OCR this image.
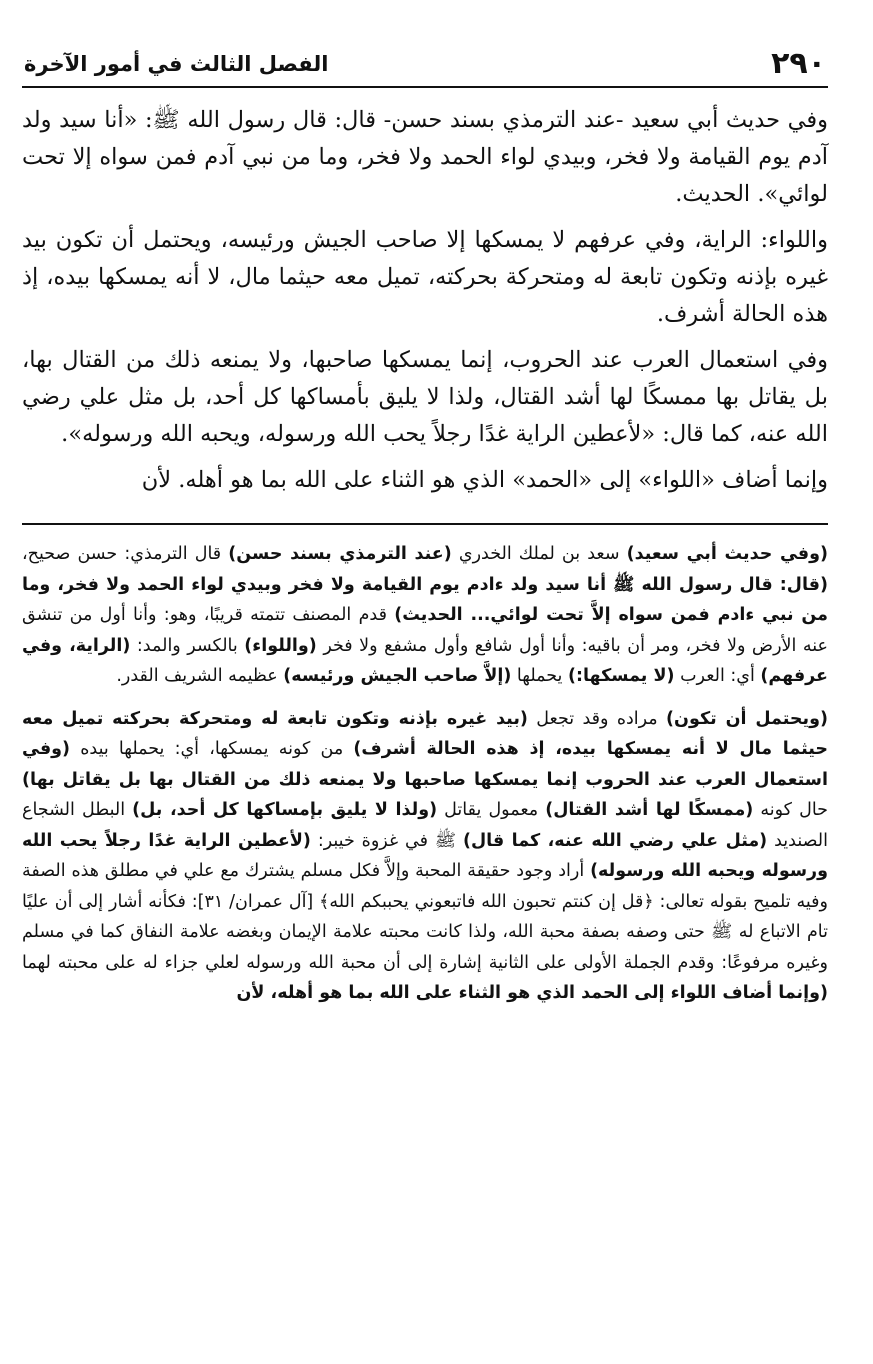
٢٩٠
الفصل الثالث في أمور الآخرة

وفي حديث أبي سعيد -عند الترمذي بسند حسن- قال: قال رسول الله ﷺ: «أنا سيد ولد آدم يوم القيامة ولا فخر، وبيدي لواء الحمد ولا فخر، وما من نبي آدم فمن سواه إلا تحت لوائي». الحديث.

واللواء: الراية، وفي عرفهم لا يمسكها إلا صاحب الجيش ورئيسه، ويحتمل أن تكون بيد غيره بإذنه وتكون تابعة له ومتحركة بحركته، تميل معه حيثما مال، لا أنه يمسكها بيده، إذ هذه الحالة أشرف.

وفي استعمال العرب عند الحروب، إنما يمسكها صاحبها، ولا يمنعه ذلك من القتال بها، بل يقاتل بها ممسكًا لها أشد القتال، ولذا لا يليق بأمساكها كل أحد، بل مثل علي رضي الله عنه، كما قال: «لأعطين الراية غدًا رجلاً يحب الله ورسوله، ويحبه الله ورسوله».

وإنما أضاف «اللواء» إلى «الحمد» الذي هو الثناء على الله بما هو أهله. لأن

(وفي حديث أبي سعيد) سعد بن لملك الخدري (عند الترمذي بسند حسن) قال الترمذي: حسن صحيح، (قال: قال رسول الله ﷺ أنا سيد ولد ءادم يوم القيامة ولا فخر وبيدي لواء الحمد ولا فخر، وما من نبي ءادم فمن سواه إلاَّ تحت لوائي... الحديث) قدم المصنف تتمته قريبًا، وهو: وأنا أول من تنشق عنه الأرض ولا فخر، ومر أن باقيه: وأنا أول شافع وأول مشفع ولا فخر (واللواء) بالكسر والمد: (الراية، وفي عرفهم) أي: العرب (لا يمسكها:) يحملها (إلاَّ صاحب الجيش ورئيسه) عظيمه الشريف القدر.

(ويحتمل أن تكون) مراده وقد تجعل (بيد غيره بإذنه وتكون تابعة له ومتحركة بحركته تميل معه حيثما مال لا أنه يمسكها بيده، إذ هذه الحالة أشرف) من كونه يمسكها، أي: يحملها بيده (وفي استعمال العرب عند الحروب إنما يمسكها صاحبها ولا يمنعه ذلك من القتال بها بل يقاتل بها) حال كونه (ممسكًا لها أشد القتال) معمول يقاتل (ولذا لا يليق بإمساكها كل أحد، بل) البطل الشجاع الصنديد (مثل علي رضي الله عنه، كما قال) ﷺ في غزوة خيبر: (لأعطين الراية غدًا رجلاً يحب الله ورسوله ويحبه الله ورسوله) أراد وجود حقيقة المحبة وإلاَّ فكل مسلم يشترك مع علي في مطلق هذه الصفة وفيه تلميح بقوله تعالى: ﴿قل إن كنتم تحبون الله فاتبعوني يحببكم الله﴾ [آل عمران/ ٣١]: فكأنه أشار إلى أن عليًا تام الاتباع له ﷺ حتى وصفه بصفة محبة الله، ولذا كانت محبته علامة الإيمان وبغضه علامة النفاق كما في مسلم وغيره مرفوعًا: وقدم الجملة الأولى على الثانية إشارة إلى أن محبة الله ورسوله لعلي جزاء له على محبته لهما (وإنما أضاف اللواء إلى الحمد الذي هو الثناء على الله بما هو أهله، لأن
